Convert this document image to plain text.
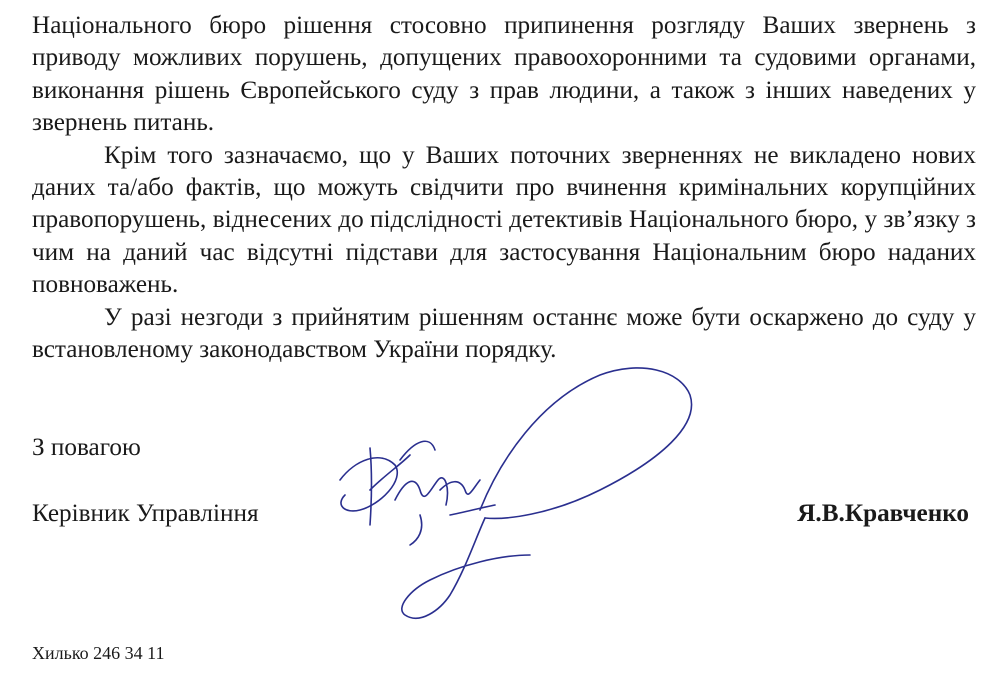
Національного бюро рішення стосовно припинення розгляду Ваших звернень з приводу можливих порушень, допущених правоохоронними та судовими органами, виконання рішень Європейського суду з прав людини, а також з інших наведених у звернень питань.

Крім того зазначаємо, що у Ваших поточних зверненнях не викладено нових даних та/або фактів, що можуть свідчити про вчинення кримінальних корупційних правопорушень, віднесених до підслідності детективів Національного бюро, у зв’язку з чим на даний час відсутні підстави для застосування Національним бюро наданих повноважень.

У разі незгоди з прийнятим рішенням останнє може бути оскаржено до суду у встановленому законодавством України порядку.

З повагою

Керівник Управління	Я.В.Кравченко

Хилько 246 34 11
